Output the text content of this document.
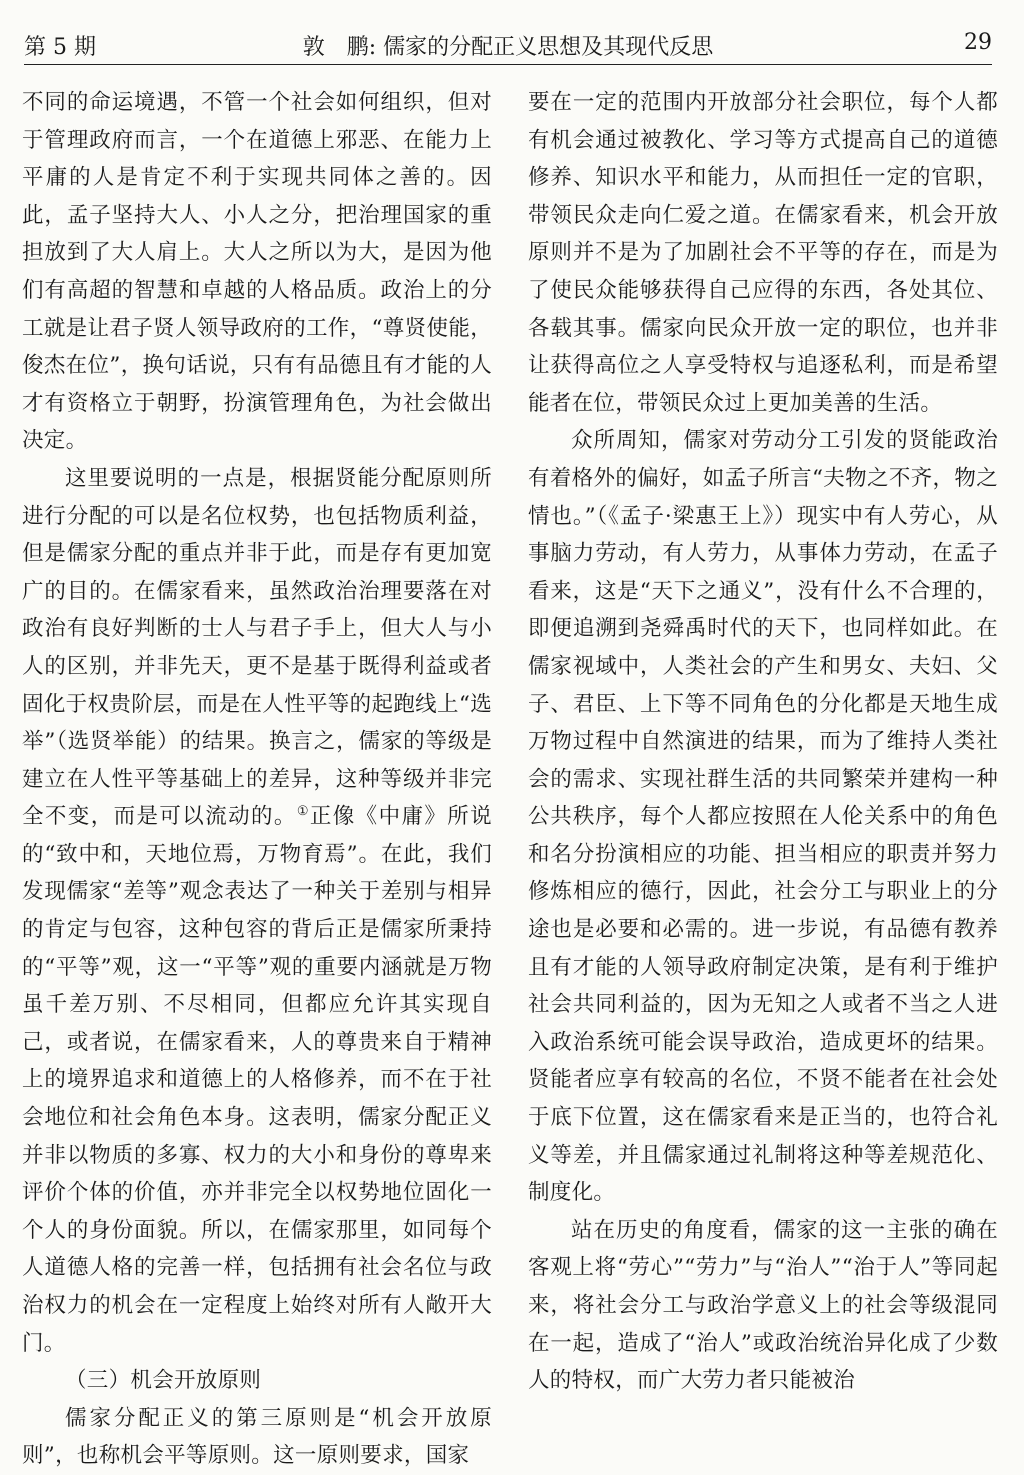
第 5 期	敦　鹏: 儒家的分配正义思想及其现代反思	29

不同的命运境遇，不管一个社会如何组织，但对于管理政府而言，一个在道德上邪恶、在能力上平庸的人是肯定不利于实现共同体之善的。因此，孟子坚持大人、小人之分，把治理国家的重担放到了大人肩上。大人之所以为大，是因为他们有高超的智慧和卓越的人格品质。政治上的分工就是让君子贤人领导政府的工作，“尊贤使能，俊杰在位”，换句话说，只有有品德且有才能的人才有资格立于朝野，扮演管理角色，为社会做出决定。

这里要说明的一点是，根据贤能分配原则所进行分配的可以是名位权势，也包括物质利益，但是儒家分配的重点并非于此，而是存有更加宽广的目的。在儒家看来，虽然政治治理要落在对政治有良好判断的士人与君子手上，但大人与小人的区别，并非先天，更不是基于既得利益或者固化于权贵阶层，而是在人性平等的起跑线上“选举”（选贤举能）的结果。换言之，儒家的等级是建立在人性平等基础上的差异，这种等级并非完全不变，而是可以流动的。①正像《中庸》所说的“致中和，天地位焉，万物育焉”。在此，我们发现儒家“差等”观念表达了一种关于差别与相异的肯定与包容，这种包容的背后正是儒家所秉持的“平等”观，这一“平等”观的重要内涵就是万物虽千差万别、不尽相同，但都应允许其实现自己，或者说，在儒家看来，人的尊贵来自于精神上的境界追求和道德上的人格修养，而不在于社会地位和社会角色本身。这表明，儒家分配正义并非以物质的多寡、权力的大小和身份的尊卑来评价个体的价值，亦并非完全以权势地位固化一个人的身份面貌。所以，在儒家那里，如同每个人道德人格的完善一样，包括拥有社会名位与政治权力的机会在一定程度上始终对所有人敞开大门。

（三）机会开放原则

儒家分配正义的第三原则是“机会开放原则”，也称机会平等原则。这一原则要求，国家

要在一定的范围内开放部分社会职位，每个人都有机会通过被教化、学习等方式提高自己的道德修养、知识水平和能力，从而担任一定的官职，带领民众走向仁爱之道。在儒家看来，机会开放原则并不是为了加剧社会不平等的存在，而是为了使民众能够获得自己应得的东西，各处其位、各载其事。儒家向民众开放一定的职位，也并非让获得高位之人享受特权与追逐私利，而是希望能者在位，带领民众过上更加美善的生活。

众所周知，儒家对劳动分工引发的贤能政治有着格外的偏好，如孟子所言“夫物之不齐，物之情也。”（《孟子·梁惠王上》）现实中有人劳心，从事脑力劳动，有人劳力，从事体力劳动，在孟子看来，这是“天下之通义”，没有什么不合理的，即便追溯到尧舜禹时代的天下，也同样如此。在儒家视域中，人类社会的产生和男女、夫妇、父子、君臣、上下等不同角色的分化都是天地生成万物过程中自然演进的结果，而为了维持人类社会的需求、实现社群生活的共同繁荣并建构一种公共秩序，每个人都应按照在人伦关系中的角色和名分扮演相应的功能、担当相应的职责并努力修炼相应的德行，因此，社会分工与职业上的分途也是必要和必需的。进一步说，有品德有教养且有才能的人领导政府制定决策，是有利于维护社会共同利益的，因为无知之人或者不当之人进入政治系统可能会误导政治，造成更坏的结果。贤能者应享有较高的名位，不贤不能者在社会处于底下位置，这在儒家看来是正当的，也符合礼义等差，并且儒家通过礼制将这种等差规范化、制度化。

站在历史的角度看，儒家的这一主张的确在客观上将“劳心”“劳力”与“治人”“治于人”等同起来，将社会分工与政治学意义上的社会等级混同在一起，造成了“治人”或政治统治异化成了少数人的特权，而广大劳力者只能被治
